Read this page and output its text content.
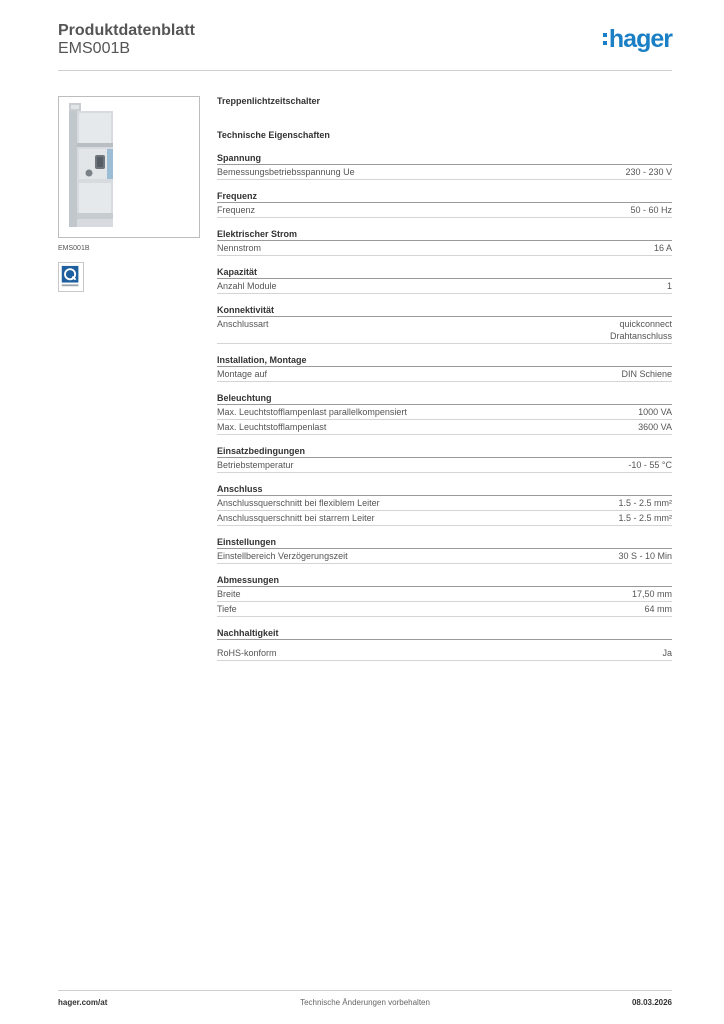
Produktdatenblatt
EMS001B	hager
EMS001B
Treppenlichtzeitschalter
Technische Eigenschaften
Spannung
Bemessungsbetriebsspannung Ue	230 - 230 V
Frequenz
Frequenz	50 - 60 Hz
Elektrischer Strom
Nennstrom	16 A
Kapazität
Anzahl Module	1
Konnektivität
Anschlussart	quickconnect
Drahtanschluss
Installation, Montage
Montage auf	DIN Schiene
Beleuchtung
Max. Leuchtstofflampenlast parallelkompensiert	1000 VA
Max. Leuchtstofflampenlast	3600 VA
Einsatzbedingungen
Betriebstemperatur	-10 - 55 °C
Anschluss
Anschlussquerschnitt bei flexiblem Leiter	1.5 - 2.5 mm²
Anschlussquerschnitt bei starrem Leiter	1.5 - 2.5 mm²
Einstellungen
Einstellbereich Verzögerungszeit	30 S - 10 Min
Abmessungen
Breite	17,50 mm
Tiefe	64 mm
Nachhaltigkeit
RoHS-konform	Ja
hager.com/at	Technische Änderungen vorbehalten	08.03.2026
